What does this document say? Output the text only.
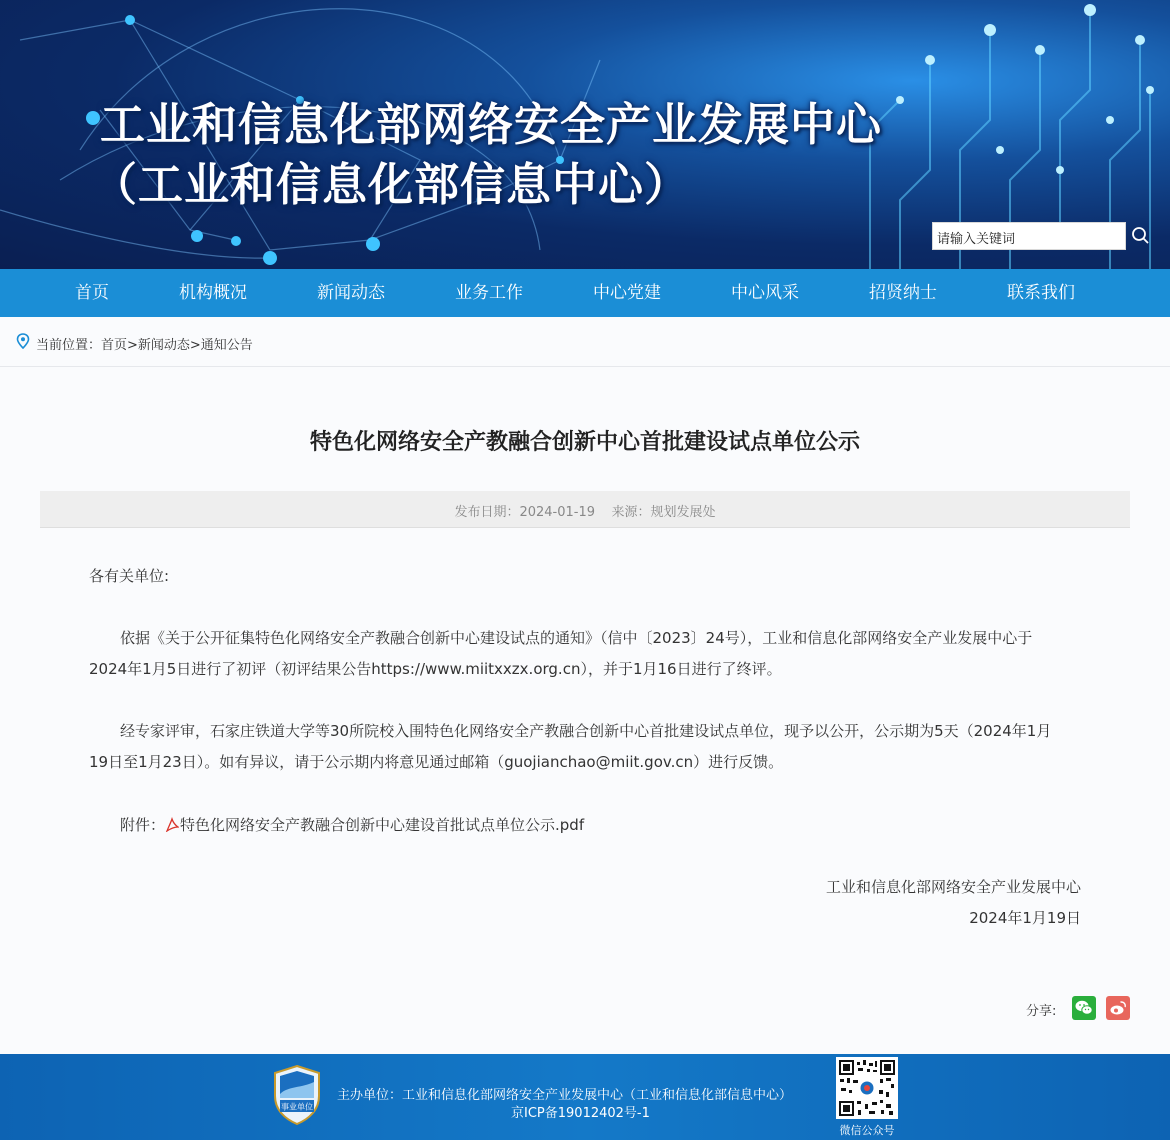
工业和信息化部网络安全产业发展中心
（工业和信息化部信息中心）
请输入关键词
首页	机构概况	新闻动态	业务工作	中心党建	中心风采	招贤纳士	联系我们
当前位置：首页>新闻动态>通知公告
特色化网络安全产教融合创新中心首批建设试点单位公示
发布日期：2024-01-19    来源：规划发展处
各有关单位:
依据《关于公开征集特色化网络安全产教融合创新中心建设试点的通知》（信中〔2023〕24号），工业和信息化部网络安全产业发展中心于
2024年1月5日进行了初评（初评结果公告https://www.miitxxzx.org.cn），并于1月16日进行了终评。
经专家评审，石家庄铁道大学等30所院校入围特色化网络安全产教融合创新中心首批建设试点单位，现予以公开，公示期为5天（2024年1月
19日至1月23日）。如有异议，请于公示期内将意见通过邮箱（guojianchao@miit.gov.cn）进行反馈。
附件： 特色化网络安全产教融合创新中心建设首批试点单位公示.pdf
工业和信息化部网络安全产业发展中心
2024年1月19日
分享:
事业单位
主办单位：工业和信息化部网络安全产业发展中心（工业和信息化部信息中心）
京ICP备19012402号-1
微信公众号
